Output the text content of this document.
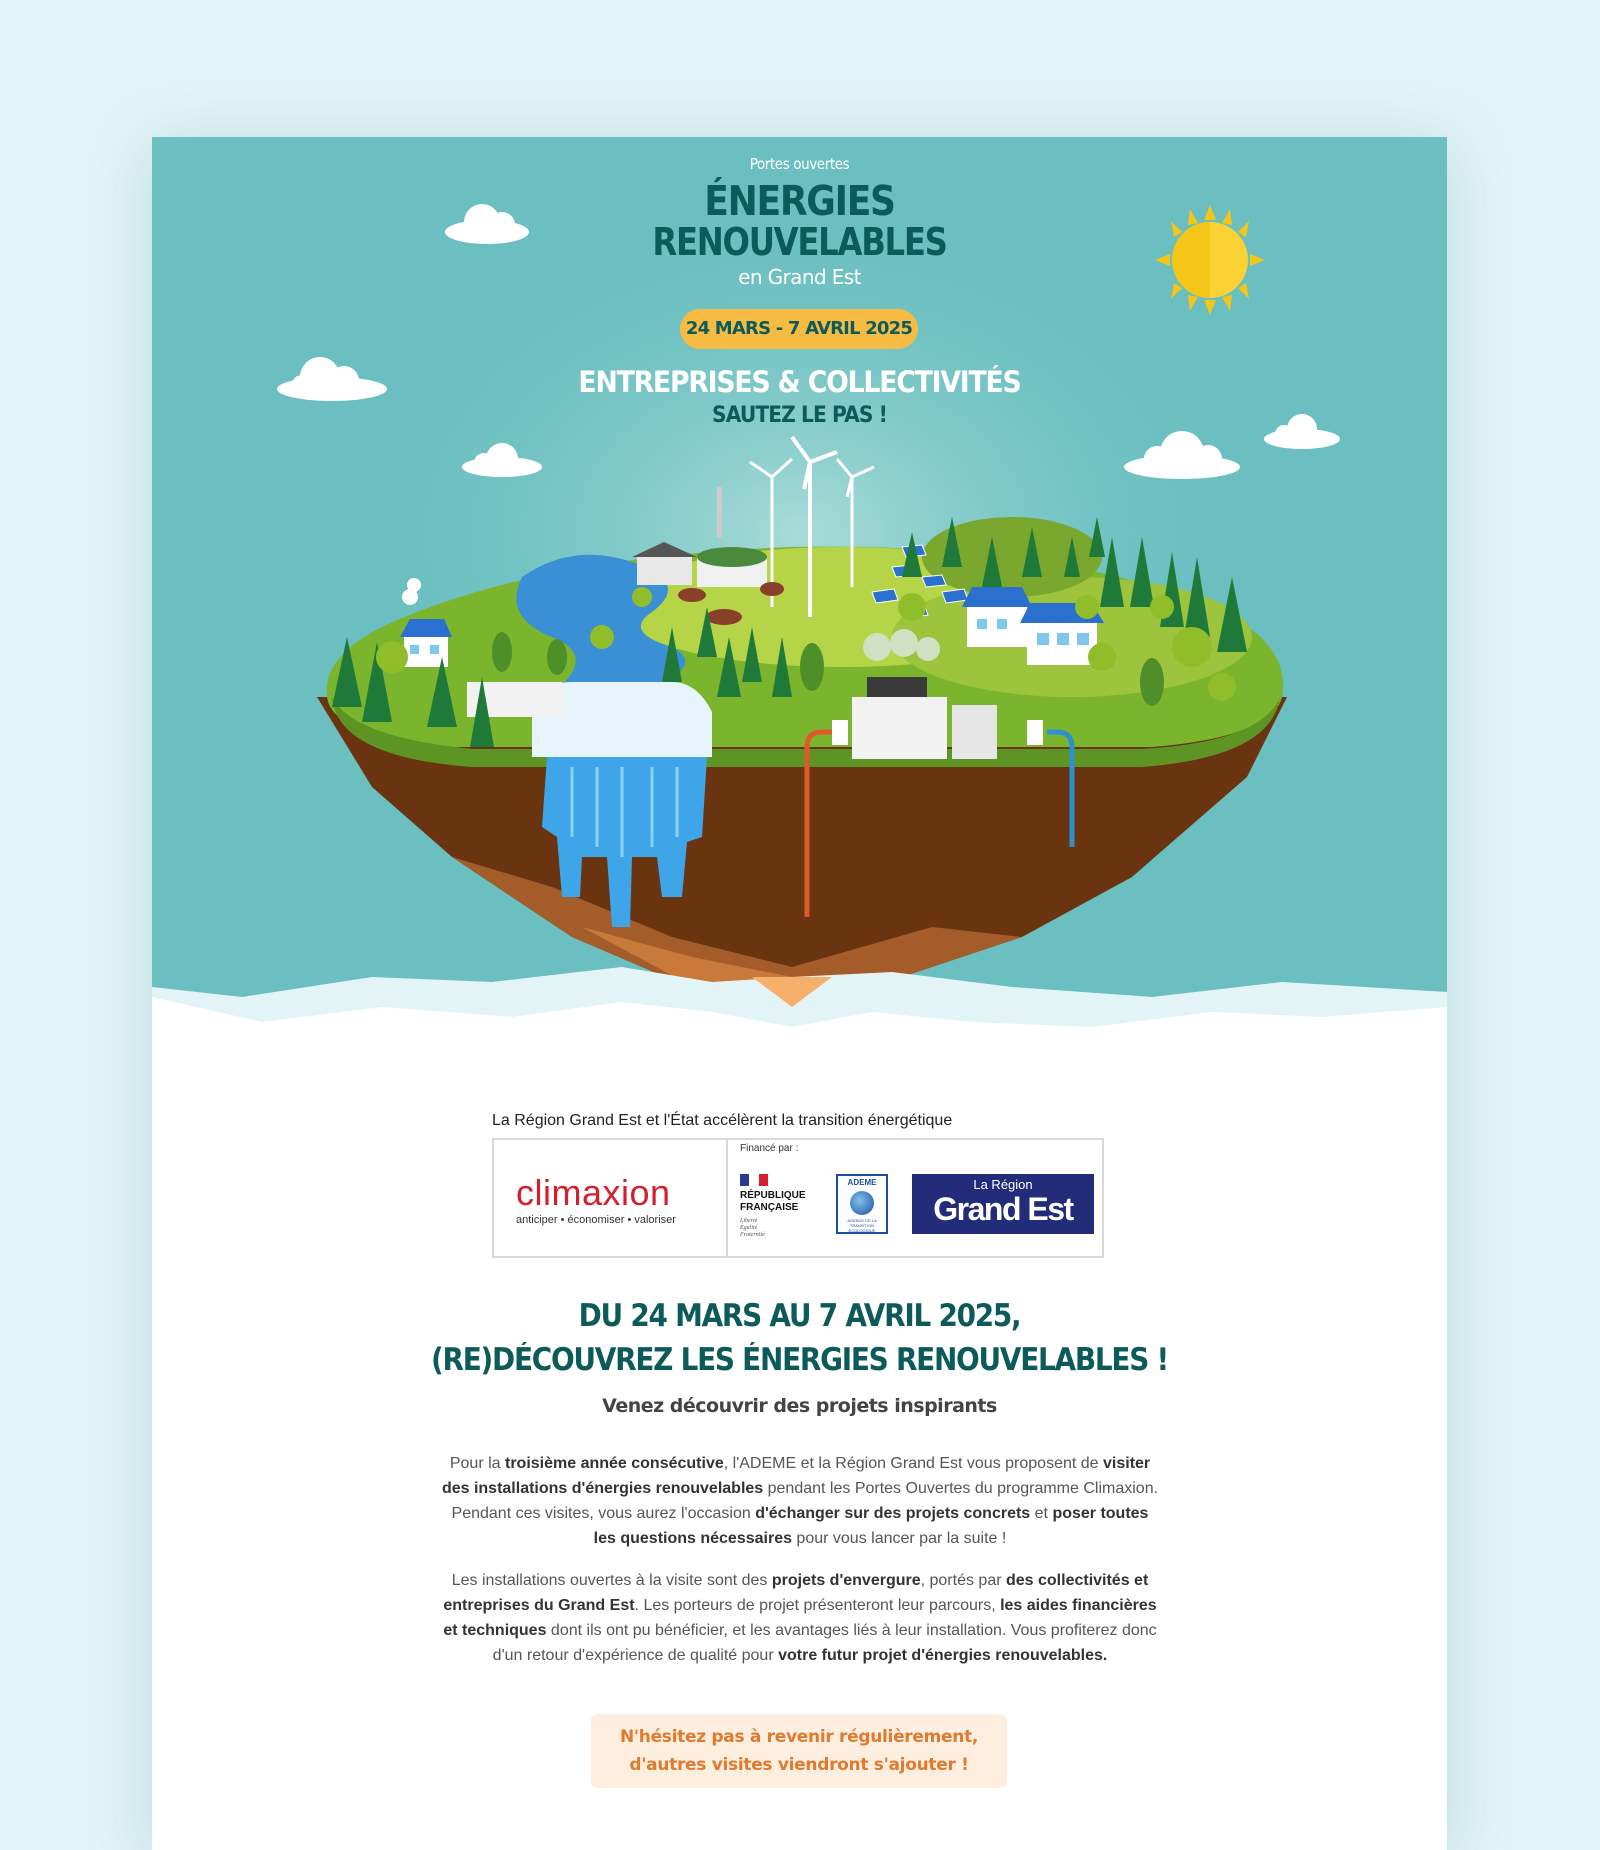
Portes ouvertes
ÉNERGIES
RENOUVELABLES
en Grand Est
24 MARS - 7 AVRIL 2025
ENTREPRISES & COLLECTIVITÉS
SAUTEZ LE PAS !
La Région Grand Est et l'État accélèrent la transition énergétique
climaxion
anticiper • économiser • valoriser
Financé par :
RÉPUBLIQUE
FRANÇAISE
Liberté
Égalité
Fraternité
ADEME
AGENCE DE LA
TRANSITION
ÉCOLOGIQUE
La Région
Grand Est
DU 24 MARS AU 7 AVRIL 2025,
(RE)DÉCOUVREZ LES ÉNERGIES RENOUVELABLES !
Venez découvrir des projets inspirants
Pour la troisième année consécutive, l'ADEME et la Région Grand Est vous proposent de visiter des installations d'énergies renouvelables pendant les Portes Ouvertes du programme Climaxion. Pendant ces visites, vous aurez l'occasion d'échanger sur des projets concrets et poser toutes les questions nécessaires pour vous lancer par la suite !
Les installations ouvertes à la visite sont des projets d'envergure, portés par des collectivités et entreprises du Grand Est. Les porteurs de projet présenteront leur parcours, les aides financières et techniques dont ils ont pu bénéficier, et les avantages liés à leur installation. Vous profiterez donc d'un retour d'expérience de qualité pour votre futur projet d'énergies renouvelables.
N'hésitez pas à revenir régulièrement,
d'autres visites viendront s'ajouter !
